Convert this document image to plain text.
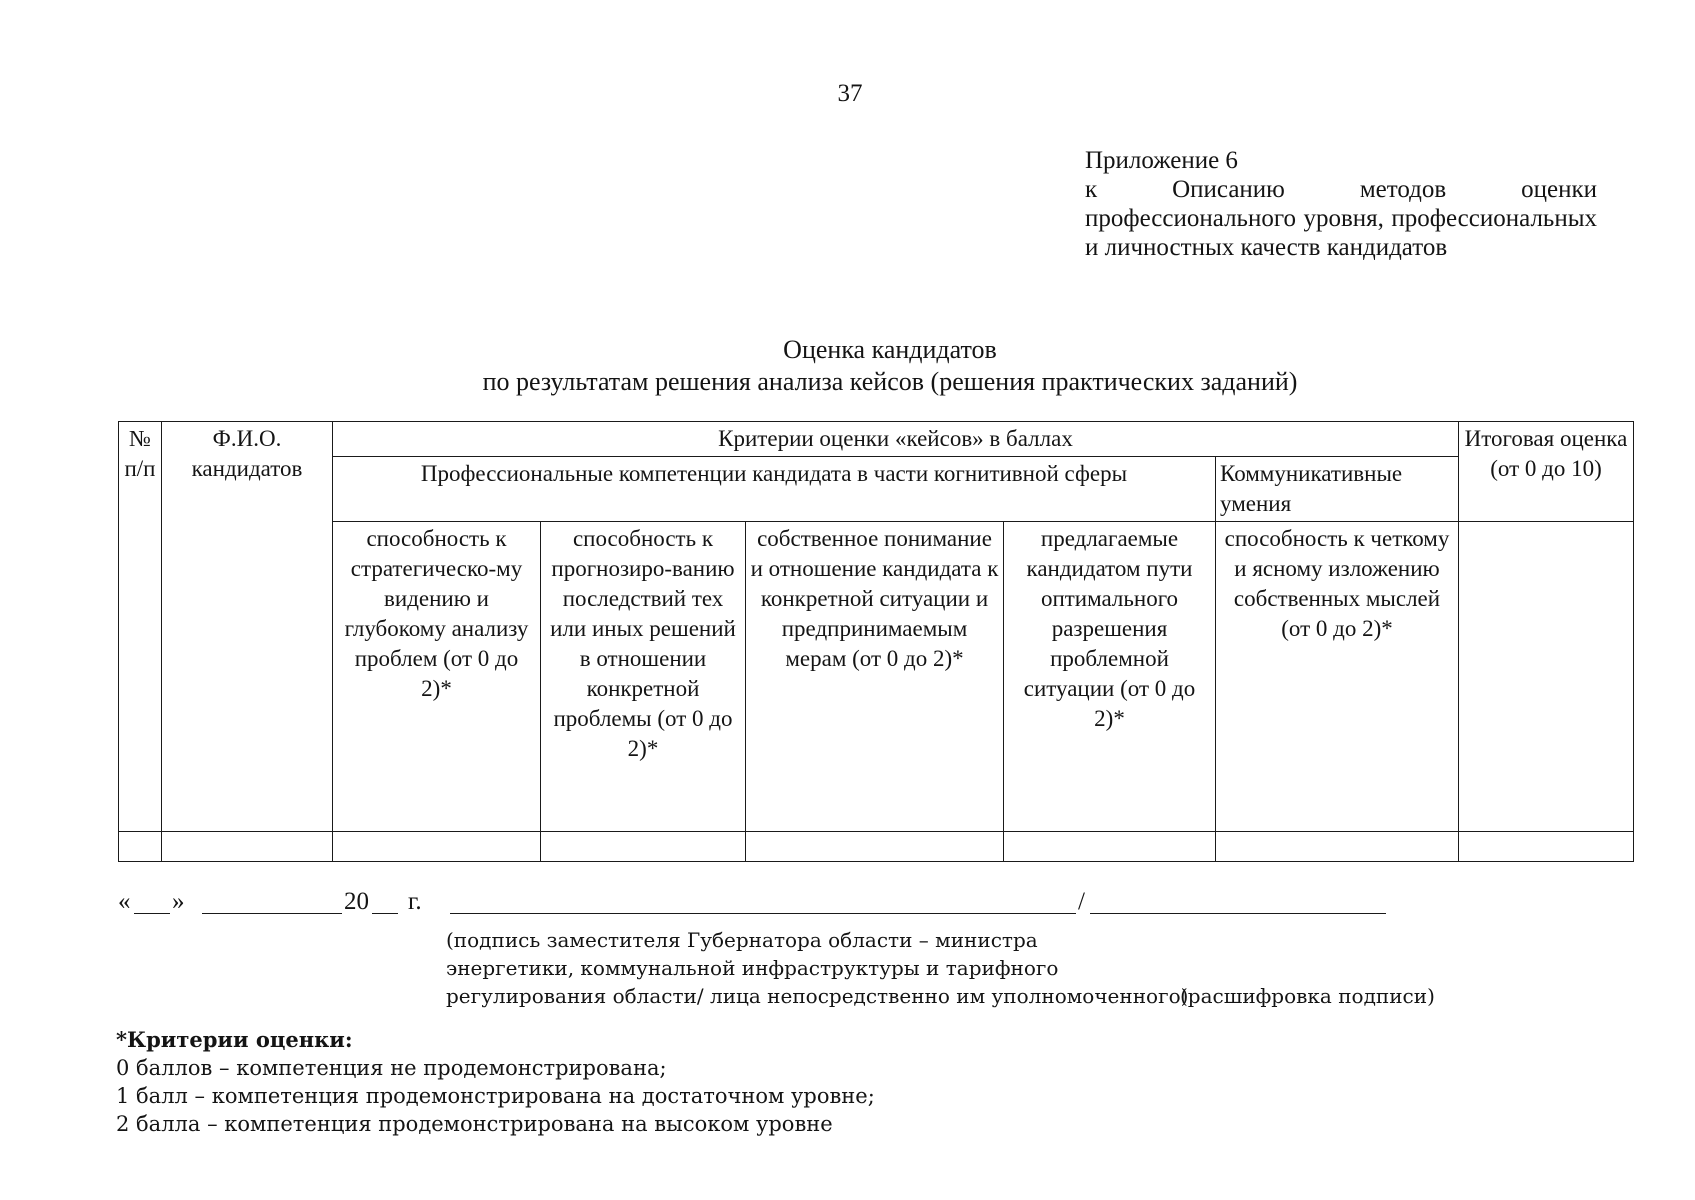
37
Приложение 6
к Описанию методов оценки профессионального уровня, профессиональных и личностных качеств кандидатов
Оценка кандидатов
по результатам решения анализа кейсов (решения практических заданий)
№ п/п	Ф.И.О. кандидатов	Критерии оценки «кейсов» в баллах					Итоговая оценка (от 0 до 10)
		Профессиональные компетенции кандидата в части когнитивной сферы				Коммуникативные умения	
		способность к стратегическо-му видению и глубокому анализу проблем (от 0 до 2)*	способность к прогнозиро-ванию последствий тех или иных решений в отношении конкретной проблемы (от 0 до 2)*	собственное понимание и отношение кандидата к конкретной ситуации и предпринимаемым мерам (от 0 до 2)*	предлагаемые кандидатом пути оптимального разрешения проблемной ситуации (от 0 до 2)*	способность к четкому и ясному изложению собственных мыслей (от 0 до 2)*	

« »	20 г.	/
(подпись заместителя Губернатора области – министра
энергетики, коммунальной инфраструктуры и тарифного
регулирования области/ лица непосредственно им уполномоченного)
(расшифровка подписи)
*Критерии оценки:
0 баллов – компетенция не продемонстрирована;
1 балл – компетенция продемонстрирована на достаточном уровне;
2 балла – компетенция продемонстрирована на высоком уровне
